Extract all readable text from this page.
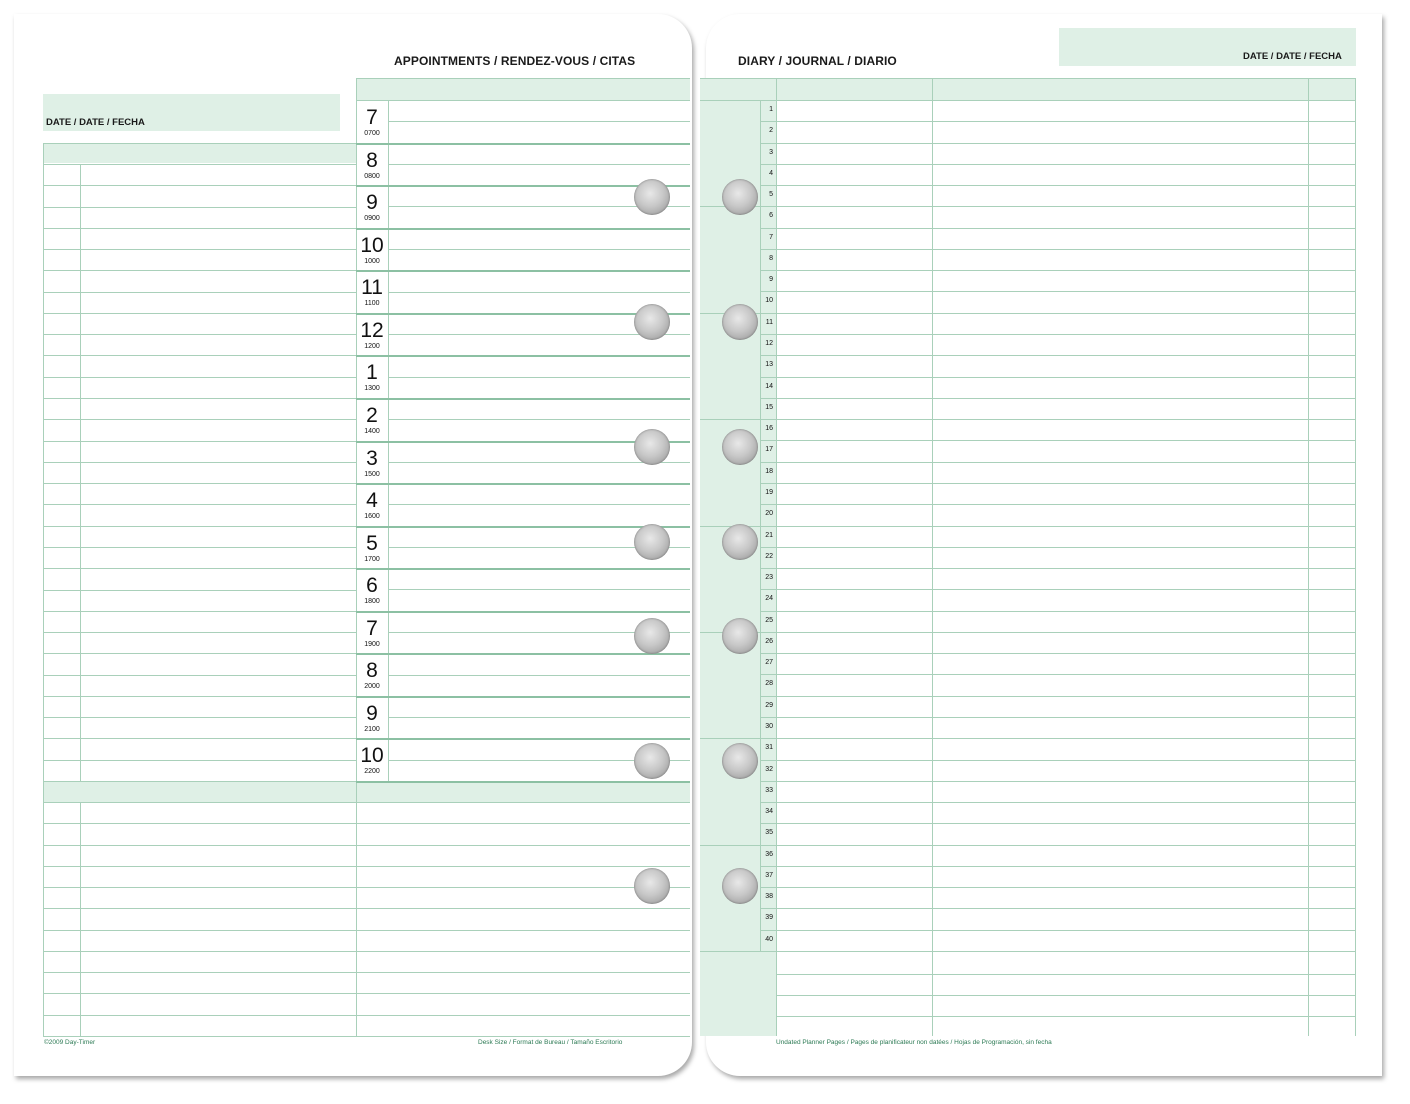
DATE / DATE / FECHA
APPOINTMENTS / RENDEZ-VOUS / CITAS
©2009 Day-Timer	Desk Size / Format de Bureau / Tamaño Escritorio
DIARY / JOURNAL / DIARIO	DATE / DATE / FECHA
Undated Planner Pages / Pages de planificateur non datées / Hojas de Programación, sin fecha
7
0700
8
0800
9
0900
10
1000
11
1100
12
1200
1
1300
2
1400
3
1500
4
1600
5
1700
6
1800
7
1900
8
2000
9
2100
10
2200
1
2
3
4
5
6
7
8
9
10
11
12
13
14
15
16
17
18
19
20
21
22
23
24
25
26
27
28
29
30
31
32
33
34
35
36
37
38
39
40
